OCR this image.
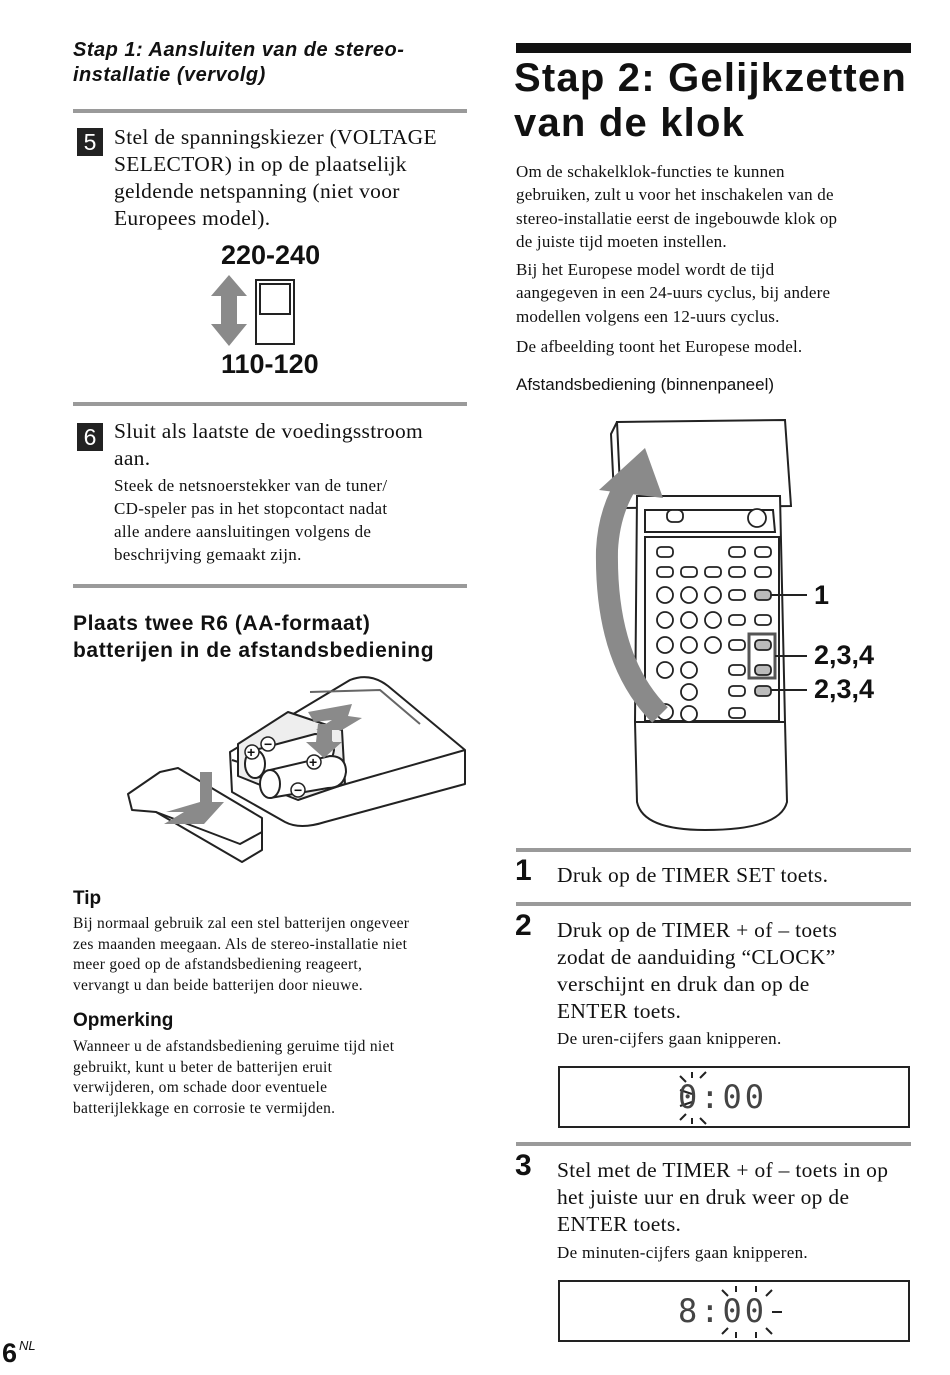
Stap 1: Aansluiten van de stereo-
installatie (vervolg)
5 Stel de spanningskiezer (VOLTAGE
SELECTOR) in op de plaatselijk
geldende netspanning (niet voor
Europees model).
220-240
110-120
6 Sluit als laatste de voedingsstroom
aan.
Steek de netsnoerstekker van de tuner/
CD-speler pas in het stopcontact nadat
alle andere aansluitingen volgens de
beschrijving gemaakt zijn.
Plaats twee R6 (AA-formaat)
batterijen in de afstandsbediening
+ −
+
−
Tip
Bij normaal gebruik zal een stel batterijen ongeveer
zes maanden meegaan. Als de stereo-installatie niet
meer goed op de afstandsbediening reageert,
vervangt u dan beide batterijen door nieuwe.
Opmerking
Wanneer u de afstandsbediening geruime tijd niet
gebruikt, kunt u beter de batterijen eruit
verwijderen, om schade door eventuele
batterijlekkage en corrosie te vermijden.
Stap 2: Gelijkzetten
van de klok
Om de schakelklok-functies te kunnen
gebruiken, zult u voor het inschakelen van de
stereo-installatie eerst de ingebouwde klok op
de juiste tijd moeten instellen.
Bij het Europese model wordt de tijd
aangegeven in een 24-uurs cyclus, bij andere
modellen volgens een 12-uurs cyclus.
De afbeelding toont het Europese model.
Afstandsbediening (binnenpaneel)
1
2,3,4
2,3,4
1 Druk op de TIMER SET toets.
2 Druk op de TIMER + of – toets
zodat de aanduiding “CLOCK”
verschijnt en druk dan op de
ENTER toets.
De uren-cijfers gaan knipperen.
0:00
3 Stel met de TIMER + of – toets in op
het juiste uur en druk weer op de
ENTER toets.
De minuten-cijfers gaan knipperen.
8:00
6 $^{NL}$
